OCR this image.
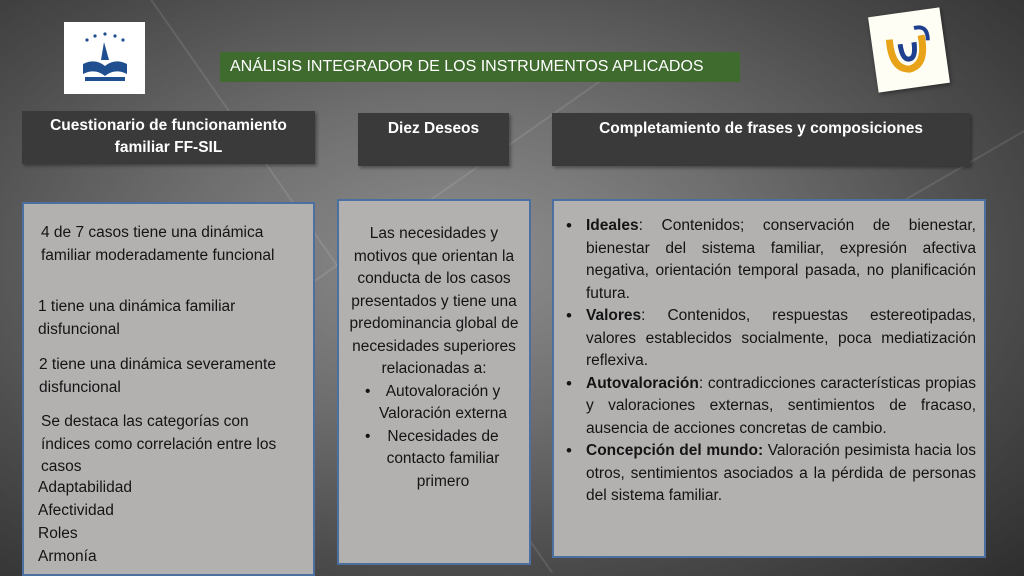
ANÁLISIS INTEGRADOR DE LOS INSTRUMENTOS APLICADOS
Cuestionario de funcionamiento familiar FF-SIL
Diez Deseos	Completamiento de frases y composiciones
4 de 7 casos tiene una dinámica familiar moderadamente funcional
1 tiene una dinámica familiar disfuncional
2 tiene una dinámica severamente disfuncional
Se destaca las categorías con índices como correlación entre los casos
Adaptabilidad
Afectividad
Roles
Armonía
Las necesidades y motivos que orientan la conducta de los casos presentados y tiene una predominancia global de necesidades superiores relacionadas a:
• Autovaloración y Valoración externa
• Necesidades de contacto familiar primero
• Ideales: Contenidos; conservación de bienestar, bienestar del sistema familiar, expresión afectiva negativa, orientación temporal pasada, no planificación futura.
• Valores: Contenidos, respuestas estereotipadas, valores establecidos socialmente, poca mediatización reflexiva.
• Autovaloración: contradicciones características propias y valoraciones externas, sentimientos de fracaso, ausencia de acciones concretas de cambio.
• Concepción del mundo: Valoración pesimista hacia los otros, sentimientos asociados a la pérdida de personas del sistema familiar.
